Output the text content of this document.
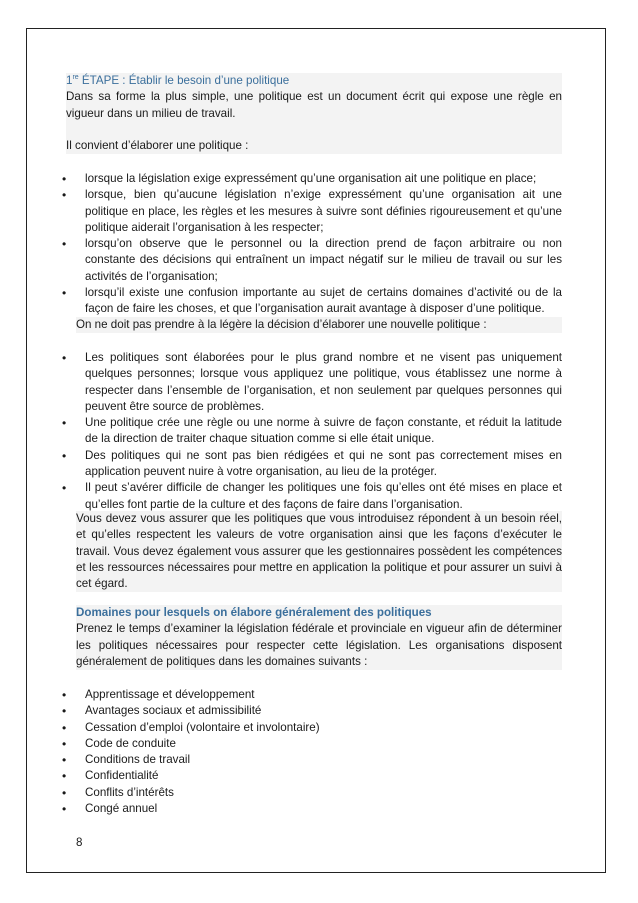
1re ÉTAPE : Établir le besoin d’une politique
Dans sa forme la plus simple, une politique est un document écrit qui expose une règle en vigueur dans un milieu de travail.
Il convient d’élaborer une politique :
• lorsque la législation exige expressément qu’une organisation ait une politique en place;
• lorsque, bien qu’aucune législation n’exige expressément qu’une organisation ait une politique en place, les règles et les mesures à suivre sont définies rigoureusement et qu’une politique aiderait l’organisation à les respecter;
• lorsqu’on observe que le personnel ou la direction prend de façon arbitraire ou non constante des décisions qui entraînent un impact négatif sur le milieu de travail ou sur les activités de l’organisation;
• lorsqu’il existe une confusion importante au sujet de certains domaines d’activité ou de la façon de faire les choses, et que l’organisation aurait avantage à disposer d’une politique.
On ne doit pas prendre à la légère la décision d’élaborer une nouvelle politique :
• Les politiques sont élaborées pour le plus grand nombre et ne visent pas uniquement quelques personnes; lorsque vous appliquez une politique, vous établissez une norme à respecter dans l’ensemble de l’organisation, et non seulement par quelques personnes qui peuvent être source de problèmes.
• Une politique crée une règle ou une norme à suivre de façon constante, et réduit la latitude de la direction de traiter chaque situation comme si elle était unique.
• Des politiques qui ne sont pas bien rédigées et qui ne sont pas correctement mises en application peuvent nuire à votre organisation, au lieu de la protéger.
• Il peut s’avérer difficile de changer les politiques une fois qu’elles ont été mises en place et qu’elles font partie de la culture et des façons de faire dans l’organisation.
Vous devez vous assurer que les politiques que vous introduisez répondent à un besoin réel, et qu’elles respectent les valeurs de votre organisation ainsi que les façons d’exécuter le travail. Vous devez également vous assurer que les gestionnaires possèdent les compétences et les ressources nécessaires pour mettre en application la politique et pour assurer un suivi à cet égard.
Domaines pour lesquels on élabore généralement des politiques
Prenez le temps d’examiner la législation fédérale et provinciale en vigueur afin de déterminer les politiques nécessaires pour respecter cette législation. Les organisations disposent généralement de politiques dans les domaines suivants :
• Apprentissage et développement
• Avantages sociaux et admissibilité
• Cessation d’emploi (volontaire et involontaire)
• Code de conduite
• Conditions de travail
• Confidentialité
• Conflits d’intérêts
• Congé annuel
8
